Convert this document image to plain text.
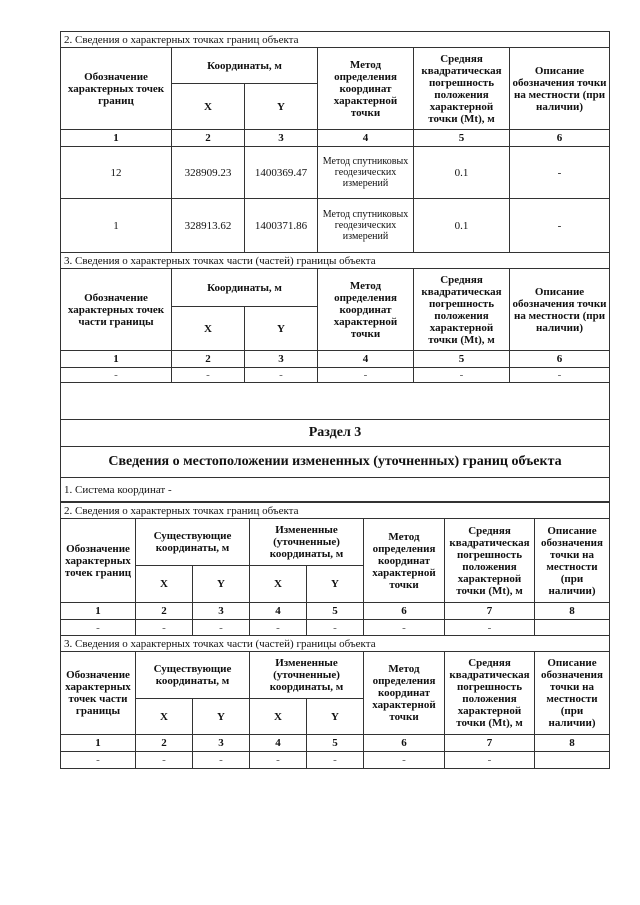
2. Сведения о характерных точках границ объекта					
Обозначение характерных точек границ	Координаты, м		Метод определения координат характерной точки	Средняя квадратическая погрешность положения характерной точки (Mt), м	Описание обозначения точки на местности (при наличии)
	X	Y			
1	2	3	4	5	6
12	328909.23	1400369.47	Метод спутниковых геодезических измерений	0.1	-
1	328913.62	1400371.86	Метод спутниковых геодезических измерений	0.1	-
3. Сведения о характерных точках части (частей) границы объекта					
Обозначение характерных точек части границы	Координаты, м		Метод определения координат характерной точки	Средняя квадратическая погрешность положения характерной точки (Mt), м	Описание обозначения точки на местности (при наличии)
	X	Y			
1	2	3	4	5	6
-	-	-	-	-	-

Раздел 3					
Сведения о местоположении измененных (уточненных) границ объекта					
1. Система координат -					
2. Сведения о характерных точках границ объекта							
Обозначение характерных точек границ	Существующие координаты, м		Измененные (уточненные) координаты, м		Метод определения координат характерной точки	Средняя квадратическая погрешность положения характерной точки (Mt), м	Описание обозначения точки на местности (при наличии)
	X	Y	X	Y			
1	2	3	4	5	6	7	8
-	-	-	-	-	-	-	
3. Сведения о характерных точках части (частей) границы объекта							
Обозначение характерных точек части границы	Существующие координаты, м		Измененные (уточненные) координаты, м		Метод определения координат характерной точки	Средняя квадратическая погрешность положения характерной точки (Mt), м	Описание обозначения точки на местности (при наличии)
	X	Y	X	Y			
1	2	3	4	5	6	7	8
-	-	-	-	-	-	-	
